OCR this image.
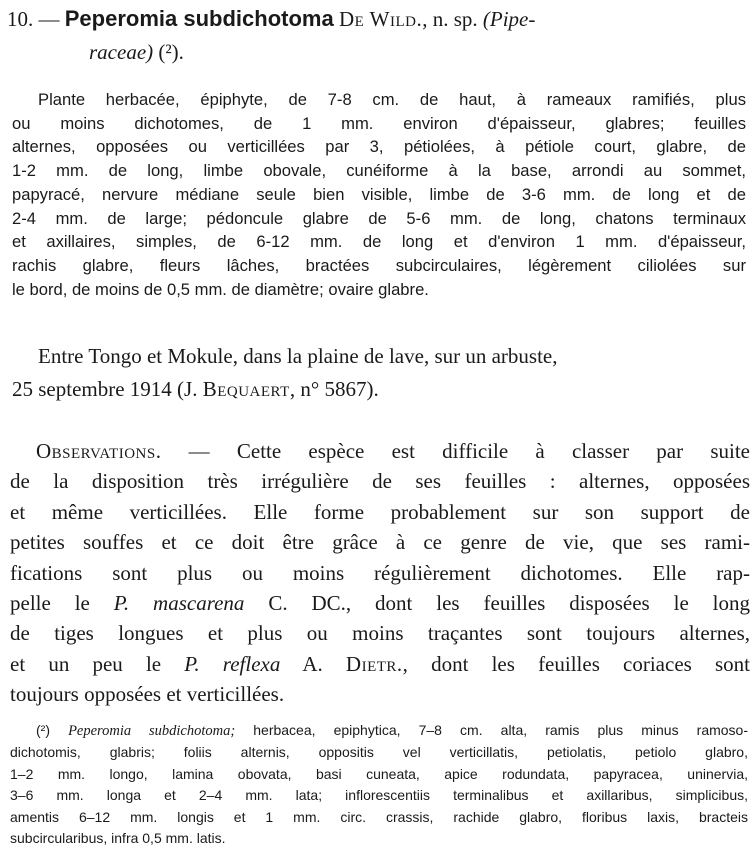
10. — Peperomia subdichotoma De Wild., n. sp. (Pipe-
raceae) (²).
Plante herbacée, épiphyte, de 7-8 cm. de haut, à rameaux ramifiés, plus
ou moins dichotomes, de 1 mm. environ d'épaisseur, glabres; feuilles
alternes, opposées ou verticillées par 3, pétiolées, à pétiole court, glabre, de
1-2 mm. de long, limbe obovale, cunéiforme à la base, arrondi au sommet,
papyracé, nervure médiane seule bien visible, limbe de 3-6 mm. de long et de
2-4 mm. de large; pédoncule glabre de 5-6 mm. de long, chatons terminaux
et axillaires, simples, de 6-12 mm. de long et d'environ 1 mm. d'épaisseur,
rachis glabre, fleurs lâches, bractées subcirculaires, légèrement ciliolées sur
le bord, de moins de 0,5 mm. de diamètre; ovaire glabre.
Entre Tongo et Mokule, dans la plaine de lave, sur un arbuste,
25 septembre 1914 (J. Bequaert, n° 5867).
Observations. — Cette espèce est difficile à classer par suite
de la disposition très irrégulière de ses feuilles : alternes, opposées
et même verticillées. Elle forme probablement sur son support de
petites souffes et ce doit être grâce à ce genre de vie, que ses rami-
fications sont plus ou moins régulièrement dichotomes. Elle rap-
pelle le P. mascarena C. DC., dont les feuilles disposées le long
de tiges longues et plus ou moins traçantes sont toujours alternes,
et un peu le P. reflexa A. Dietr., dont les feuilles coriaces sont
toujours opposées et verticillées.
(²) Peperomia subdichotoma; herbacea, epiphytica, 7–8 cm. alta, ramis plus minus ramoso-
dichotomis, glabris; foliis alternis, oppositis vel verticillatis, petiolatis, petiolo glabro,
1–2 mm. longo, lamina obovata, basi cuneata, apice rodundata, papyracea, uninervia,
3–6 mm. longa et 2–4 mm. lata; inflorescentiis terminalibus et axillaribus, simplicibus,
amentis 6–12 mm. longis et 1 mm. circ. crassis, rachide glabro, floribus laxis, bracteis
subcircularibus, infra 0,5 mm. latis.
